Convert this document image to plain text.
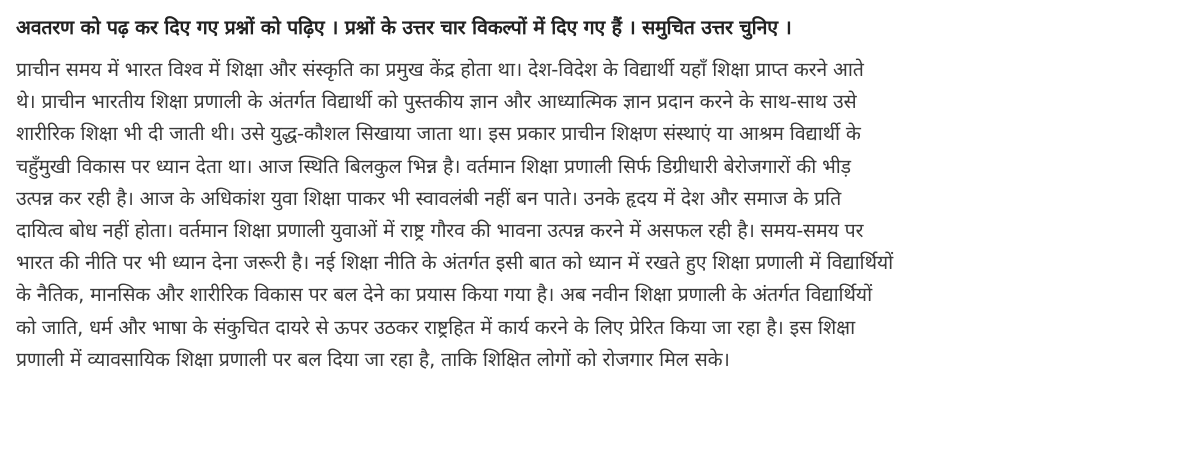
अवतरण को पढ़ कर दिए गए प्रश्नों को पढ़िए । प्रश्नों के उत्तर चार विकल्पों में दिए गए हैं । समुचित उत्तर चुनिए ।

प्राचीन समय में भारत विश्व में शिक्षा और संस्कृति का प्रमुख केंद्र होता था। देश-विदेश के विद्यार्थी यहाँ शिक्षा प्राप्त करने आते
थे। प्राचीन भारतीय शिक्षा प्रणाली के अंतर्गत विद्यार्थी को पुस्तकीय ज्ञान और आध्यात्मिक ज्ञान प्रदान करने के साथ-साथ उसे
शारीरिक शिक्षा भी दी जाती थी। उसे युद्ध-कौशल सिखाया जाता था। इस प्रकार प्राचीन शिक्षण संस्थाएं या आश्रम विद्यार्थी के
चहुँमुखी विकास पर ध्यान देता था। आज स्थिति बिलकुल भिन्न है। वर्तमान शिक्षा प्रणाली सिर्फ डिग्रीधारी बेरोजगारों की भीड़
उत्पन्न कर रही है। आज के अधिकांश युवा शिक्षा पाकर भी स्वावलंबी नहीं बन पाते। उनके हृदय में देश और समाज के प्रति
दायित्व बोध नहीं होता। वर्तमान शिक्षा प्रणाली युवाओं में राष्ट्र गौरव की भावना उत्पन्न करने में असफल रही है। समय-समय पर
भारत की नीति पर भी ध्यान देना जरूरी है। नई शिक्षा नीति के अंतर्गत इसी बात को ध्यान में रखते हुए शिक्षा प्रणाली में विद्यार्थियों
के नैतिक, मानसिक और शारीरिक विकास पर बल देने का प्रयास किया गया है। अब नवीन शिक्षा प्रणाली के अंतर्गत विद्यार्थियों
को जाति, धर्म और भाषा के संकुचित दायरे से ऊपर उठकर राष्ट्रहित में कार्य करने के लिए प्रेरित किया जा रहा है। इस शिक्षा
प्रणाली में व्यावसायिक शिक्षा प्रणाली पर बल दिया जा रहा है, ताकि शिक्षित लोगों को रोजगार मिल सके।
